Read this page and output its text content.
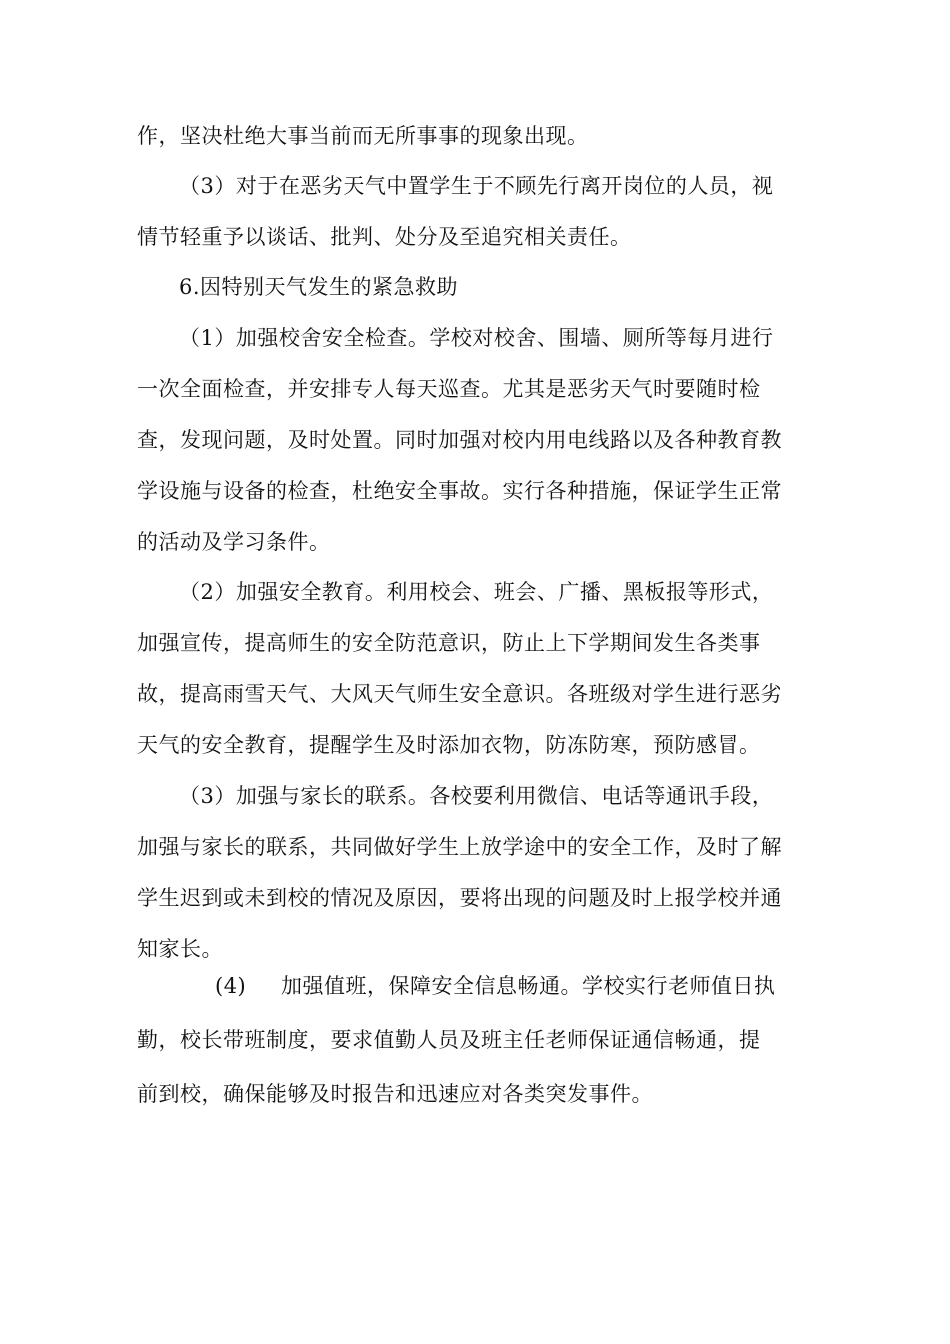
作，坚决杜绝大事当前而无所事事的现象出现。
（3）对于在恶劣天气中置学生于不顾先行离开岗位的人员，视
情节轻重予以谈话、批判、处分及至追究相关责任。
6.因特别天气发生的紧急救助
（1）加强校舍安全检查。学校对校舍、围墙、厕所等每月进行
一次全面检查，并安排专人每天巡查。尤其是恶劣天气时要随时检
查，发现问题，及时处置。同时加强对校内用电线路以及各种教育教
学设施与设备的检查，杜绝安全事故。实行各种措施，保证学生正常
的活动及学习条件。
（2）加强安全教育。利用校会、班会、广播、黑板报等形式，
加强宣传，提高师生的安全防范意识，防止上下学期间发生各类事
故，提高雨雪天气、大风天气师生安全意识。各班级对学生进行恶劣
天气的安全教育，提醒学生及时添加衣物，防冻防寒，预防感冒。
（3）加强与家长的联系。各校要利用微信、电话等通讯手段，
加强与家长的联系，共同做好学生上放学途中的安全工作，及时了解
学生迟到或未到校的情况及原因，要将出现的问题及时上报学校并通
知家长。
(4) 加强值班，保障安全信息畅通。学校实行老师值日执
勤，校长带班制度，要求值勤人员及班主任老师保证通信畅通，提
前到校，确保能够及时报告和迅速应对各类突发事件。
